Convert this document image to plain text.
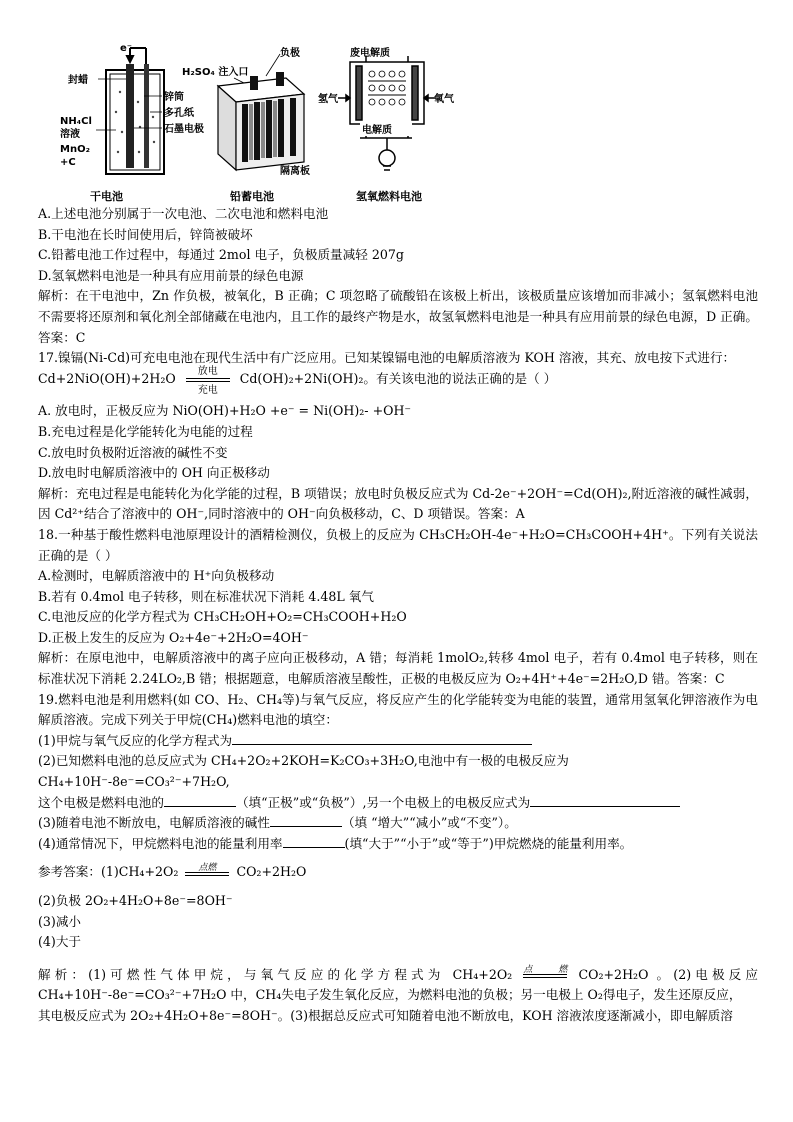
e⁻
封蜡
锌筒
多孔纸
石墨电极
NH₄Cl
溶液
MnO₂
+C
H₂SO₄ 注入口
负极
隔离板
废电解质
氢气	氧气
电解质
干电池	铅蓄电池	氢氧燃料电池

A.上述电池分别属于一次电池、二次电池和燃料电池

B.干电池在长时间使用后，锌筒被破坏

C.铅蓄电池工作过程中，每通过 2mol 电子，负极质量减轻 207g

D.氢氧燃料电池是一种具有应用前景的绿色电源

解析：在干电池中，Zn 作负极，被氧化，B 正确；C 项忽略了硫酸铅在该极上析出，该极质量应该增加而非减小；氢氧燃料电池不需要将还原剂和氧化剂全部储藏在电池内，且工作的最终产物是水，故氢氧燃料电池是一种具有应用前景的绿色电源，D 正确。答案：C

17.镍镉(Ni-Cd)可充电电池在现代生活中有广泛应用。已知某镍镉电池的电解质溶液为 KOH 溶液，其充、放电按下式进行：

Cd+2NiO(OH)+2H₂O	放电
充电
Cd(OH)₂+2Ni(OH)₂。有关该电池的说法正确的是（ ）

A. 放电时，正极反应为 NiO(OH)+H₂O +e⁻ = Ni(OH)₂- +OH⁻

B.充电过程是化学能转化为电能的过程

C.放电时负极附近溶液的碱性不变

D.放电时电解质溶液中的 OH 向正极移动

解析：充电过程是电能转化为化学能的过程，B 项错误；放电时负极反应式为 Cd-2e⁻+2OH⁻=Cd(OH)₂,附近溶液的碱性减弱，因 Cd²⁺结合了溶液中的 OH⁻,同时溶液中的 OH⁻向负极移动，C、D 项错误。答案：A

18.一种基于酸性燃料电池原理设计的酒精检测仪，负极上的反应为 CH₃CH₂OH-4e⁻+H₂O=CH₃COOH+4H⁺。下列有关说法正确的是（ ）

A.检测时，电解质溶液中的 H⁺向负极移动

B.若有 0.4mol 电子转移，则在标准状况下消耗 4.48L 氧气

C.电池反应的化学方程式为 CH₃CH₂OH+O₂=CH₃COOH+H₂O

D.正极上发生的反应为 O₂+4e⁻+2H₂O=4OH⁻

解析：在原电池中，电解质溶液中的离子应向正极移动，A 错；每消耗 1molO₂,转移 4mol 电子，若有 0.4mol 电子转移，则在标准状况下消耗 2.24LO₂,B 错；根据题意，电解质溶液呈酸性，正极的电极反应为 O₂+4H⁺+4e⁻=2H₂O,D 错。答案：C

19.燃料电池是利用燃料(如 CO、H₂、CH₄等)与氧气反应，将反应产生的化学能转变为电能的装置，通常用氢氧化钾溶液作为电解质溶液。完成下列关于甲烷(CH₄)燃料电池的填空：

(1)甲烷与氧气反应的化学方程式为

(2)已知燃料电池的总反应式为 CH₄+2O₂+2KOH=K₂CO₃+3H₂O,电池中有一极的电极反应为 CH₄+10H⁻-8e⁻=CO₃²⁻+7H₂O,

这个电极是燃料电池的	（填“正极”或“负极”）,另一个电极上的电极反应式为

(3)随着电池不断放电，电解质溶液的碱性	（填 “增大”“减小”或“不变”）。

(4)通常情况下，甲烷燃料电池的能量利用率	(填“大于”“小于”或“等于”)甲烷燃烧的能量利用率。

参考答案：(1)CH₄+2O₂	点燃	CO₂+2H₂O

(2)负极 2O₂+4H₂O+8e⁻=8OH⁻

(3)减小

(4)大于

解析：(1)可燃性气体甲烷，与氧气反应的化学方程式为 CH₄+2O₂ 点燃 CO₂+2H₂O 。(2)电极反应

CH₄+10H⁻-8e⁻=CO₃²⁻+7H₂O 中，CH₄失电子发生氧化反应，为燃料电池的负极；另一电极上 O₂得电子，发生还原反应，

其电极反应式为 2O₂+4H₂O+8e⁻=8OH⁻。(3)根据总反应式可知随着电池不断放电，KOH 溶液浓度逐渐减小，即电解质溶
